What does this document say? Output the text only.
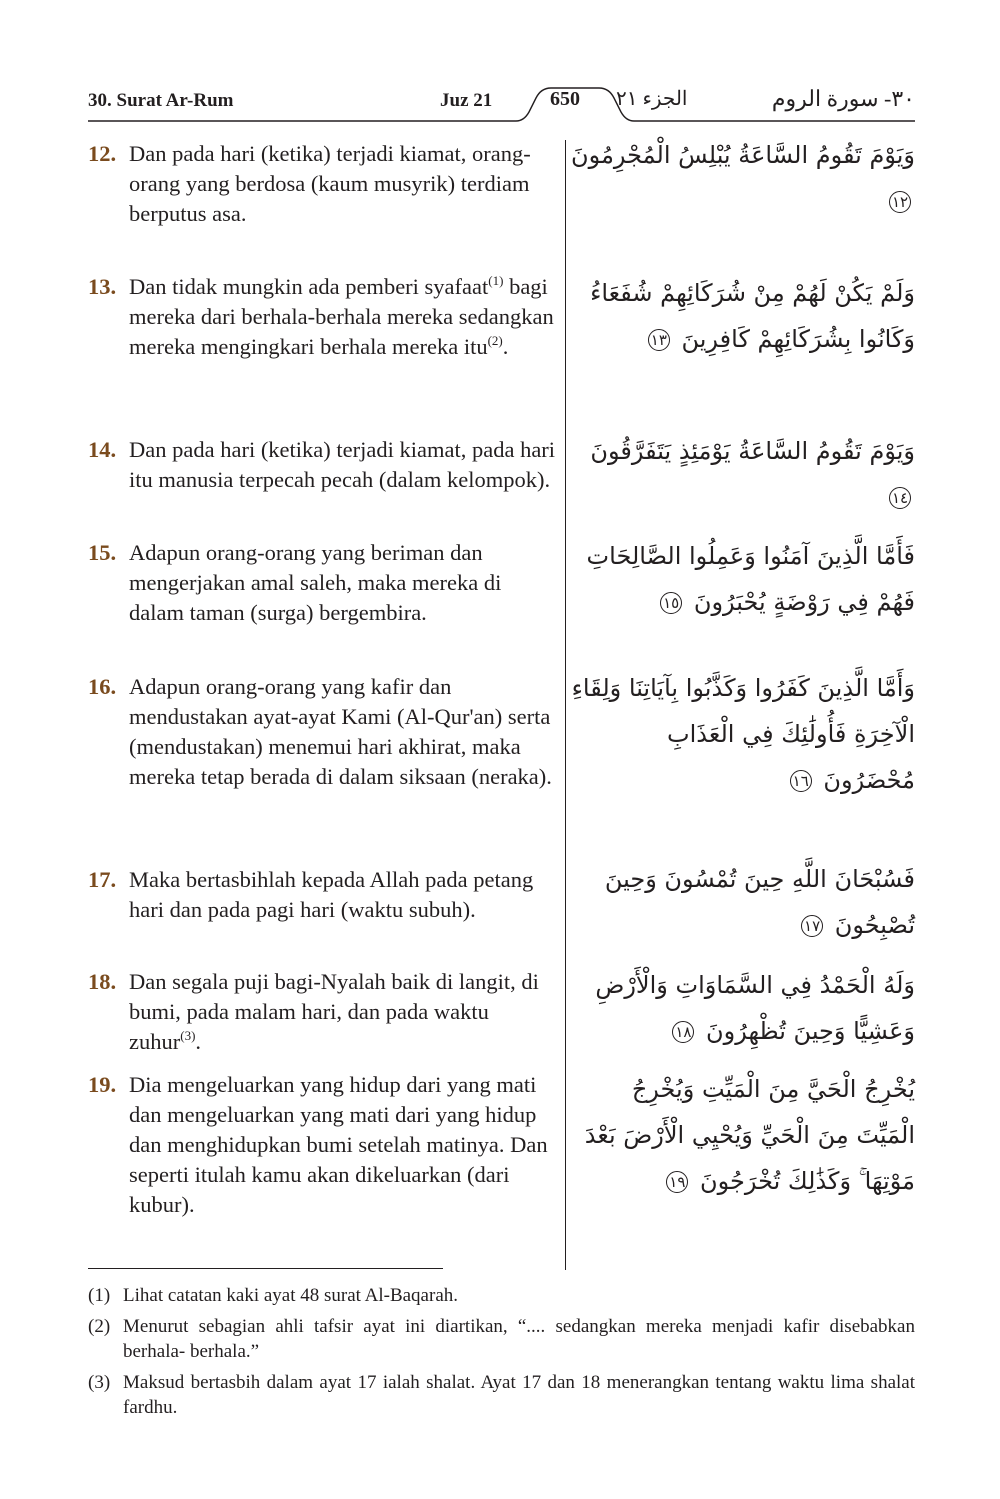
30. Surat Ar-Rum	Juz 21	650	الجزء ٢١	٣٠- سورة الروم
12. Dan pada hari (ketika) terjadi kiamat, orang-orang yang berdosa (kaum musyrik) terdiam berputus asa.
وَيَوْمَ تَقُومُ السَّاعَةُ يُبْلِسُ الْمُجْرِمُونَ ١٢
13. Dan tidak mungkin ada pemberi syafaat$^{(1)}$ bagi mereka dari berhala-berhala mereka sedangkan mereka mengingkari berhala mereka itu$^{(2)}$.
وَلَمْ يَكُنْ لَهُمْ مِنْ شُرَكَائِهِمْ شُفَعَاءُ وَكَانُوا بِشُرَكَائِهِمْ كَافِرِينَ ١٣
14. Dan pada hari (ketika) terjadi kiamat, pada hari itu manusia terpecah pecah (dalam kelompok).
وَيَوْمَ تَقُومُ السَّاعَةُ يَوْمَئِذٍ يَتَفَرَّقُونَ ١٤
15. Adapun orang-orang yang beriman dan mengerjakan amal saleh, maka mereka di dalam taman (surga) bergembira.
فَأَمَّا الَّذِينَ آمَنُوا وَعَمِلُوا الصَّالِحَاتِ فَهُمْ فِي رَوْضَةٍ يُحْبَرُونَ ١٥
16. Adapun orang-orang yang kafir dan mendustakan ayat-ayat Kami (Al-Qur'an) serta (mendustakan) menemui hari akhirat, maka mereka tetap berada di dalam siksaan (neraka).
وَأَمَّا الَّذِينَ كَفَرُوا وَكَذَّبُوا بِآيَاتِنَا وَلِقَاءِ الْآخِرَةِ فَأُولَٰئِكَ فِي الْعَذَابِ مُحْضَرُونَ ١٦
17. Maka bertasbihlah kepada Allah pada petang hari dan pada pagi hari (waktu subuh).
فَسُبْحَانَ اللَّهِ حِينَ تُمْسُونَ وَحِينَ تُصْبِحُونَ ١٧
18. Dan segala puji bagi-Nyalah baik di langit, di bumi, pada malam hari, dan pada waktu zuhur$^{(3)}$.
وَلَهُ الْحَمْدُ فِي السَّمَاوَاتِ وَالْأَرْضِ وَعَشِيًّا وَحِينَ تُظْهِرُونَ ١٨
19. Dia mengeluarkan yang hidup dari yang mati dan mengeluarkan yang mati dari yang hidup dan menghidupkan bumi setelah matinya. Dan seperti itulah kamu akan dikeluarkan (dari kubur).
يُخْرِجُ الْحَيَّ مِنَ الْمَيِّتِ وَيُخْرِجُ الْمَيِّتَ مِنَ الْحَيِّ وَيُحْيِي الْأَرْضَ بَعْدَ مَوْتِهَا ۚ وَكَذَٰلِكَ تُخْرَجُونَ ١٩
(1) Lihat catatan kaki ayat 48 surat Al-Baqarah.
(2) Menurut sebagian ahli tafsir ayat ini diartikan, “.... sedangkan mereka menjadi kafir disebabkan berhala- berhala.”
(3) Maksud bertasbih dalam ayat 17 ialah shalat. Ayat 17 dan 18 menerangkan tentang waktu lima shalat fardhu.
